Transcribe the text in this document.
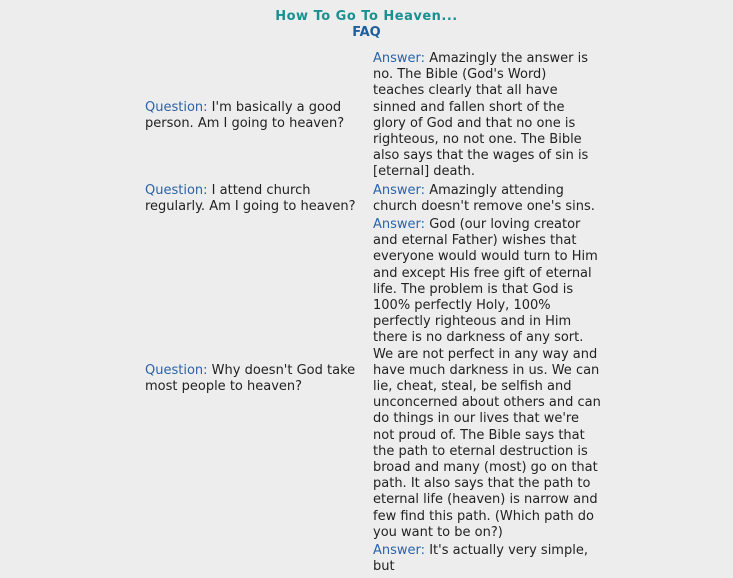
How To Go To Heaven...
FAQ
Question: I'm basically a good person. Am I going to heaven?	Answer: Amazingly the answer is no. The Bible (God's Word) teaches clearly that all have sinned and fallen short of the glory of God and that no one is righteous, no not one. The Bible also says that the wages of sin is [eternal] death.
Question: I attend church regularly. Am I going to heaven?	Answer: Amazingly attending church doesn't remove one's sins.
Question: Why doesn't God take most people to heaven?	Answer: God (our loving creator and eternal Father) wishes that everyone would would turn to Him and except His free gift of eternal life. The problem is that God is 100% perfectly Holy, 100% perfectly righteous and in Him there is no darkness of any sort. We are not perfect in any way and have much darkness in us. We can lie, cheat, steal, be selfish and unconcerned about others and can do things in our lives that we're not proud of. The Bible says that the path to eternal destruction is broad and many (most) go on that path. It also says that the path to eternal life (heaven) is narrow and few find this path. (Which path do you want to be on?)
	Answer: It's actually very simple, but
